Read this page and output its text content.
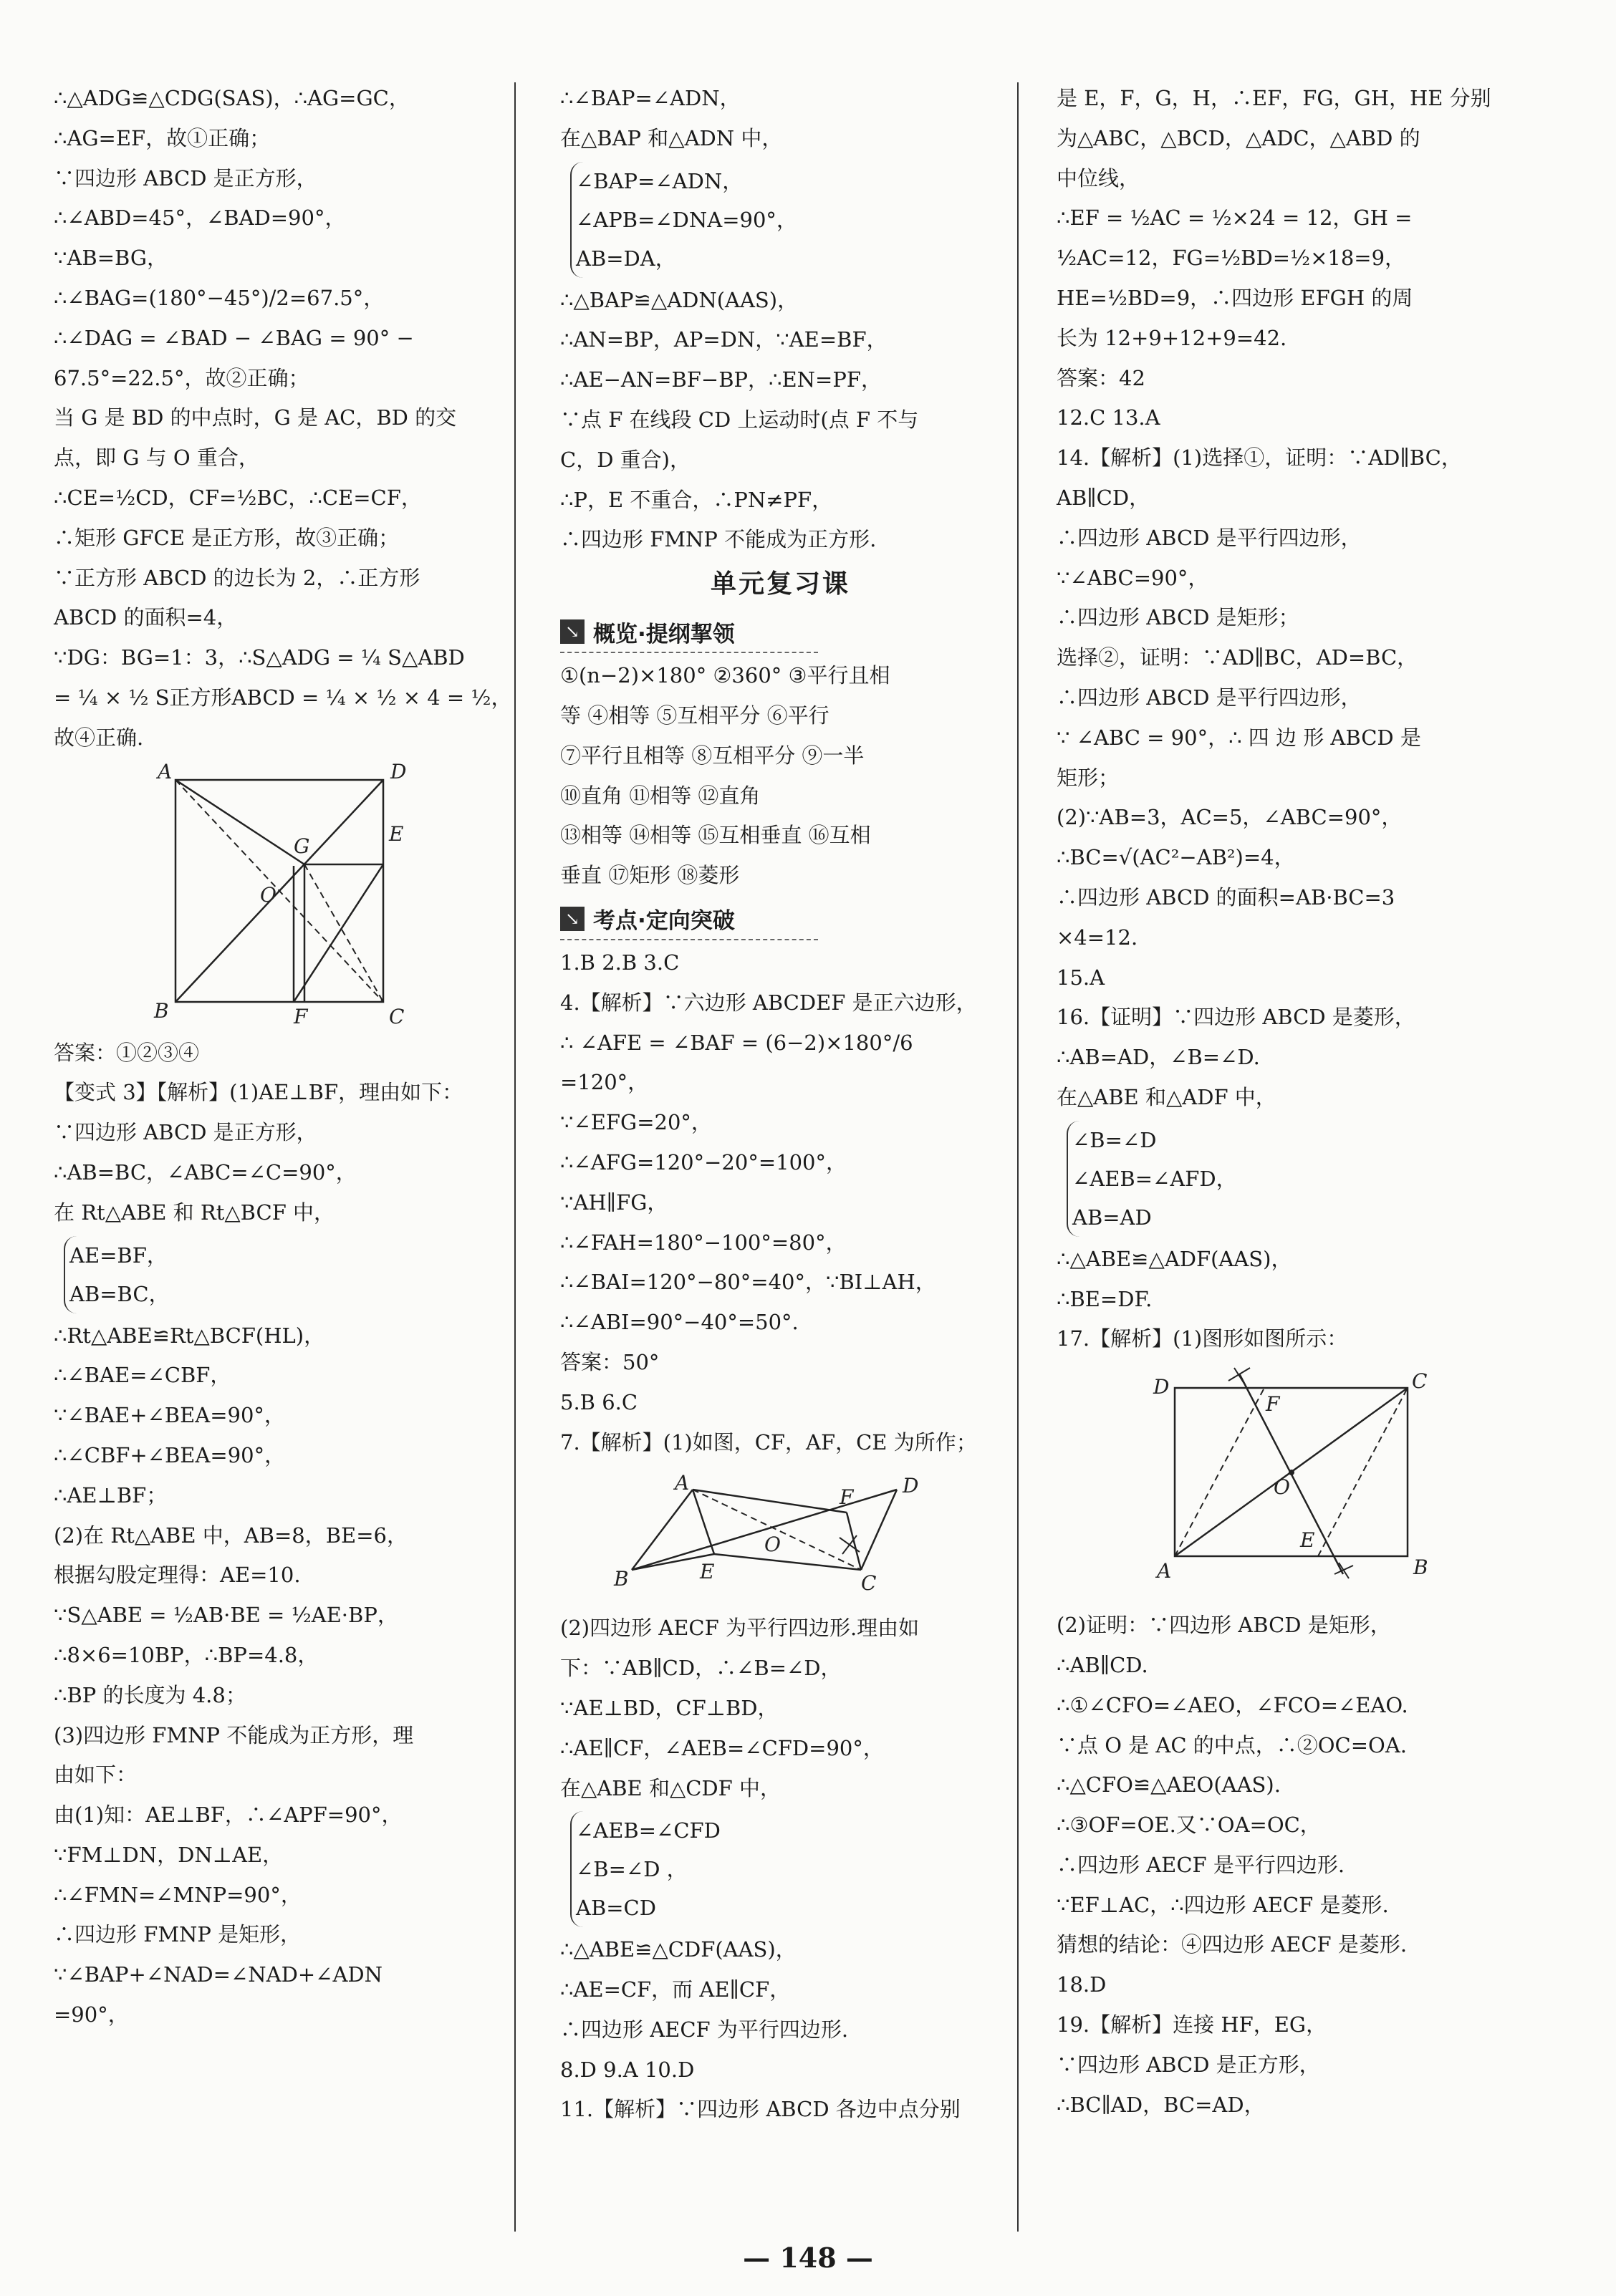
∴△ADG≌△CDG(SAS)，∴AG=GC，
∴AG=EF，故①正确；
∵四边形 ABCD 是正方形，
∴∠ABD=45°，∠BAD=90°，
∵AB=BG，
∴∠BAG=(180°−45°)/2=67.5°，
∴∠DAG = ∠BAD − ∠BAG = 90° −
67.5°=22.5°，故②正确；
当 G 是 BD 的中点时，G 是 AC，BD 的交
点，即 G 与 O 重合，
∴CE=½CD，CF=½BC，∴CE=CF，
∴矩形 GFCE 是正方形，故③正确；
∵正方形 ABCD 的边长为 2，∴正方形
ABCD 的面积=4，
∵DG：BG=1：3，∴S△ADG = ¼ S△ABD
= ¼ × ½ S正方形ABCD = ¼ × ½ × 4 = ½，
故④正确.
A	D
G
E
O
B	F	C
答案：①②③④
【变式 3】【解析】(1)AE⊥BF，理由如下：
∵四边形 ABCD 是正方形，
∴AB=BC，∠ABC=∠C=90°，
在 Rt△ABE 和 Rt△BCF 中，
AE=BF，
AB=BC，
∴Rt△ABE≌Rt△BCF(HL)，
∴∠BAE=∠CBF，
∵∠BAE+∠BEA=90°，
∴∠CBF+∠BEA=90°，
∴AE⊥BF；
(2)在 Rt△ABE 中，AB=8，BE=6，
根据勾股定理得：AE=10.
∵S△ABE = ½AB·BE = ½AE·BP，
∴8×6=10BP，∴BP=4.8，
∴BP 的长度为 4.8；
(3)四边形 FMNP 不能成为正方形，理
由如下：
由(1)知：AE⊥BF，∴∠APF=90°，
∵FM⊥DN，DN⊥AE，
∴∠FMN=∠MNP=90°，
∴四边形 FMNP 是矩形，
∵∠BAP+∠NAD=∠NAD+∠ADN
=90°，
∴∠BAP=∠ADN，
在△BAP 和△ADN 中，
∠BAP=∠ADN，
∠APB=∠DNA=90°，
AB=DA，
∴△BAP≌△ADN(AAS)，
∴AN=BP，AP=DN，∵AE=BF，
∴AE−AN=BF−BP，∴EN=PF，
∵点 F 在线段 CD 上运动时(点 F 不与
C，D 重合)，
∴P，E 不重合，∴PN≠PF，
∴四边形 FMNP 不能成为正方形.
单元复习课
↘ 概览·提纲挈领
①(n−2)×180° ②360° ③平行且相
等 ④相等 ⑤互相平分 ⑥平行
⑦平行且相等 ⑧互相平分 ⑨一半
⑩直角 ⑪相等 ⑫直角
⑬相等 ⑭相等 ⑮互相垂直 ⑯互相
垂直 ⑰矩形 ⑱菱形
↘ 考点·定向突破
1.B 2.B 3.C
4.【解析】∵六边形 ABCDEF 是正六边形，
∴ ∠AFE = ∠BAF = (6−2)×180°/6
=120°，
∵∠EFG=20°，
∴∠AFG=120°−20°=100°，
∵AH∥FG，
∴∠FAH=180°−100°=80°，
∴∠BAI=120°−80°=40°，∵BI⊥AH，
∴∠ABI=90°−40°=50°.
答案：50°
5.B 6.C
7.【解析】(1)如图，CF，AF，CE 为所作；
A
B	C
D
E
F
O
(2)四边形 AECF 为平行四边形.理由如
下：∵AB∥CD，∴∠B=∠D，
∵AE⊥BD，CF⊥BD，
∴AE∥CF，∠AEB=∠CFD=90°，
在△ABE 和△CDF 中，
∠AEB=∠CFD
∠B=∠D ，
AB=CD
∴△ABE≌△CDF(AAS)，
∴AE=CF，而 AE∥CF，
∴四边形 AECF 为平行四边形.
8.D 9.A 10.D
11.【解析】∵四边形 ABCD 各边中点分别
是 E，F，G，H，∴EF，FG，GH，HE 分别
为△ABC，△BCD，△ADC，△ABD 的
中位线，
∴EF = ½AC = ½×24 = 12，GH =
½AC=12，FG=½BD=½×18=9，
HE=½BD=9，∴四边形 EFGH 的周
长为 12+9+12+9=42.
答案：42
12.C 13.A
14.【解析】(1)选择①，证明：∵AD∥BC，
AB∥CD，
∴四边形 ABCD 是平行四边形，
∵∠ABC=90°，
∴四边形 ABCD 是矩形；
选择②，证明：∵AD∥BC，AD=BC，
∴四边形 ABCD 是平行四边形，
∵ ∠ABC = 90°，∴ 四 边 形 ABCD 是
矩形；
(2)∵AB=3，AC=5，∠ABC=90°，
∴BC=√(AC²−AB²)=4，
∴四边形 ABCD 的面积=AB·BC=3
×4=12.
15.A
16.【证明】∵四边形 ABCD 是菱形，
∴AB=AD，∠B=∠D.
在△ABE 和△ADF 中，
∠B=∠D
∠AEB=∠AFD，
AB=AD
∴△ABE≌△ADF(AAS)，
∴BE=DF.
17.【解析】(1)图形如图所示：
D	C
F
O
E
A	B
(2)证明：∵四边形 ABCD 是矩形，
∴AB∥CD.
∴①∠CFO=∠AEO，∠FCO=∠EAO.
∵点 O 是 AC 的中点，∴②OC=OA.
∴△CFO≌△AEO(AAS).
∴③OF=OE.又∵OA=OC，
∴四边形 AECF 是平行四边形.
∵EF⊥AC，∴四边形 AECF 是菱形.
猜想的结论：④四边形 AECF 是菱形.
18.D
19.【解析】连接 HF，EG，
∵四边形 ABCD 是正方形，
∴BC∥AD，BC=AD，
— 148 —
